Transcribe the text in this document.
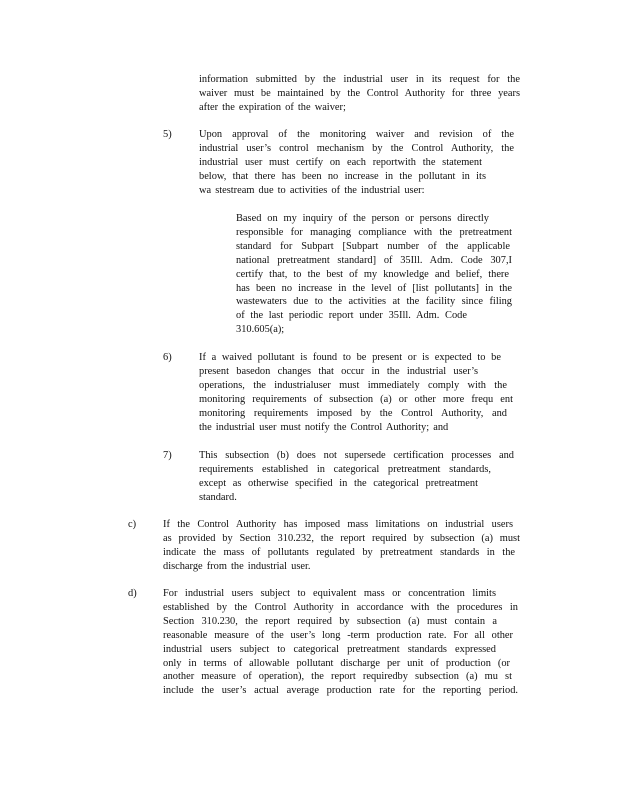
information submitted by the industrial user in its request for the
waiver must be maintained by the Control Authority for three years
after the expiration of the waiver;
5)	Upon approval of the monitoring waiver and revision of the
industrial user’s control mechanism by the Control Authority, the
industrial user must certify on each reportwith the statement
below, that there has been no increase in the pollutant in its
wa stestream due to activities of the industrial user:
Based on my inquiry of the person or persons directly
responsible for managing compliance with the pretreatment
standard for Subpart [Subpart number of the applicable
national pretreatment standard] of 35Ill. Adm. Code 307,I
certify that, to the best of my knowledge and belief, there
has been no increase in the level of [list pollutants] in the
wastewaters due to the activities at the facility since filing
of the last periodic report under 35Ill. Adm. Code
310.605(a);
6)	If a waived pollutant is found to be present or is expected to be
present basedon changes that occur in the industrial user’s
operations, the industrialuser must immediately comply with the
monitoring requirements of subsection (a) or other more frequ ent
monitoring requirements imposed by the Control Authority, and
the industrial user must notify the Control Authority; and
7)	This subsection (b) does not supersede certification processes and
requirements established in categorical pretreatment standards,
except as otherwise specified in the categorical pretreatment
standard.
c)	If the Control Authority has imposed mass limitations on industrial users
as provided by Section 310.232, the report required by subsection (a) must
indicate the mass of pollutants regulated by pretreatment standards in the
discharge from the industrial user.
d)	For industrial users subject to equivalent mass or concentration limits
established by the Control Authority in accordance with the procedures in
Section 310.230, the report required by subsection (a) must contain a
reasonable measure of the user’s long -term production rate. For all other
industrial users subject to categorical pretreatment standards expressed
only in terms of allowable pollutant discharge per unit of production (or
another measure of operation), the report requiredby subsection (a) mu st
include the user’s actual average production rate for the reporting period.
